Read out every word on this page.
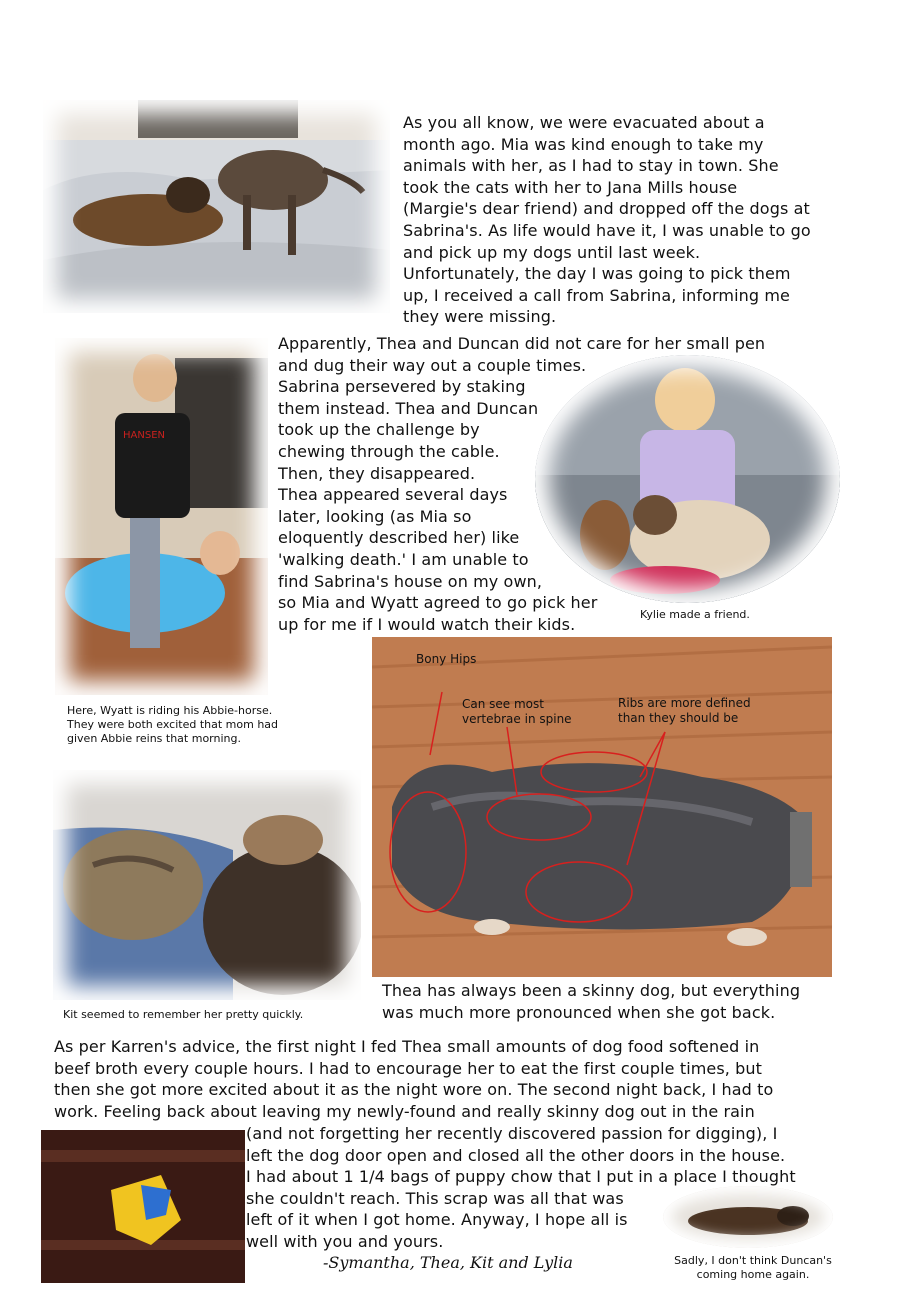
As you all know, we were evacuated about a month ago. Mia was kind enough to take my animals with her, as I had to stay in town. She took the cats with her to Jana Mills house (Margie's dear friend) and dropped off the dogs at Sabrina's. As life would have it, I was unable to go and pick up my dogs until last week. Unfortunately, the day I was going to pick them up, I received a call from Sabrina, informing me they were missing.

HANSEN

Apparently, Thea and Duncan did not care for her small pen

and dug their way out a couple times.

Sabrina persevered by staking

them instead. Thea and Duncan

took up the challenge by

chewing through the cable.

Then, they disappeared.

Thea appeared several days

later, looking (as Mia so

eloquently described her) like

'walking death.' I am unable to

find Sabrina's house on my own,

so Mia and Wyatt agreed to go pick her

up for me if I would watch their kids.

Kylie made a friend.
Here, Wyatt is riding his Abbie-horse. They were both excited that mom had given Abbie reins that morning.
Bony Hips
Can see most vertebrae in spine
Ribs are more defined than they should be
Kit seemed to remember her pretty quickly.

Thea has always been a skinny dog, but everything was much more pronounced when she got back.

As per Karren's advice, the first night I fed Thea small amounts of dog food softened in

beef broth every couple hours. I had to encourage her to eat the first couple times, but

then she got more excited about it as the night wore on. The second night back, I had to

work. Feeling back about leaving my newly-found and really skinny dog out in the rain

(and not forgetting her recently discovered passion for digging), I

left the dog door open and closed all the other doors in the house.

I had about 1 1/4 bags of puppy chow that I put in a place I thought

she couldn't reach. This scrap was all that was

left of it when I got home. Anyway, I hope all is

well with you and yours.

-Symantha, Thea, Kit and Lylia	Sadly, I don't think Duncan's coming home again.
